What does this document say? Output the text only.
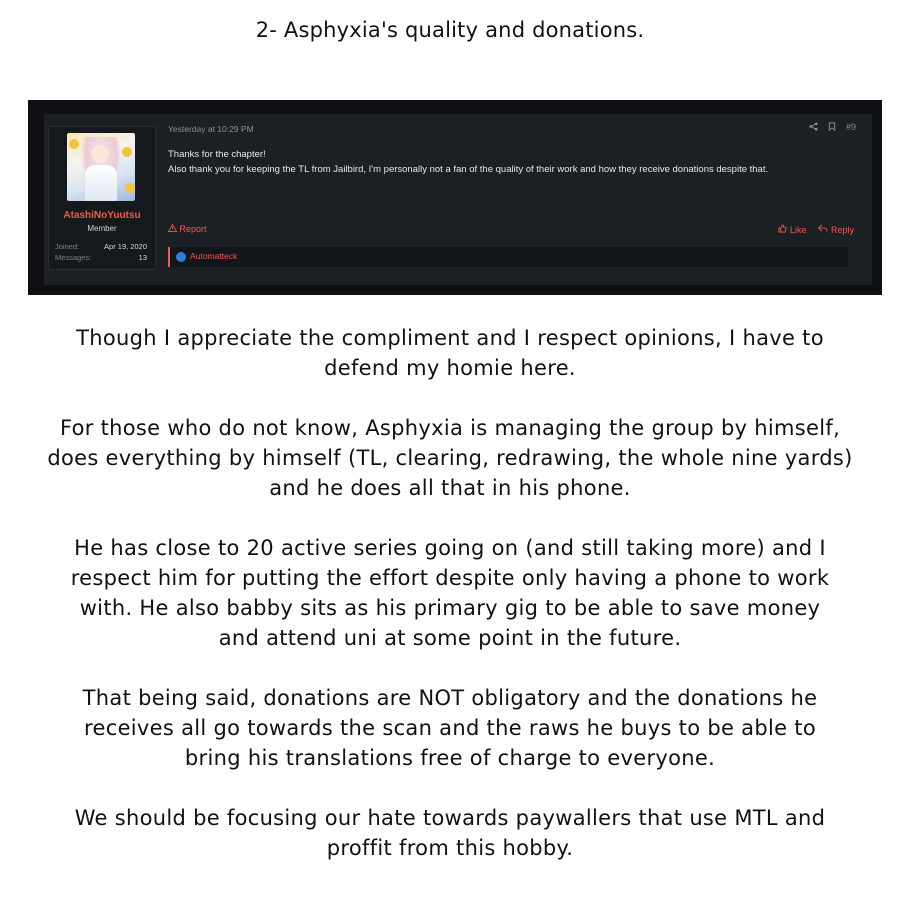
2- Asphyxia's quality and donations.
AtashiNoYuutsu
Member
Joined:	Apr 19, 2020
Messages:	13
Yesterday at 10:29 PM	#9
Thanks for the chapter!
Also thank you for keeping the TL from Jailbird, I'm personally not a fan of the quality of their work and how they receive donations despite that.
Report	Like	Reply
Automatteck

Though I appreciate the compliment and I respect opinions, I have to
defend my homie here.

For those who do not know, Asphyxia is managing the group by himself,
does everything by himself (TL, clearing, redrawing, the whole nine yards)
and he does all that in his phone.

He has close to 20 active series going on (and still taking more) and I
respect him for putting the effort despite only having a phone to work
with. He also babby sits as his primary gig to be able to save money
and attend uni at some point in the future.

That being said, donations are NOT obligatory and the donations he
receives all go towards the scan and the raws he buys to be able to
bring his translations free of charge to everyone.

We should be focusing our hate towards paywallers that use MTL and
proffit from this hobby.
